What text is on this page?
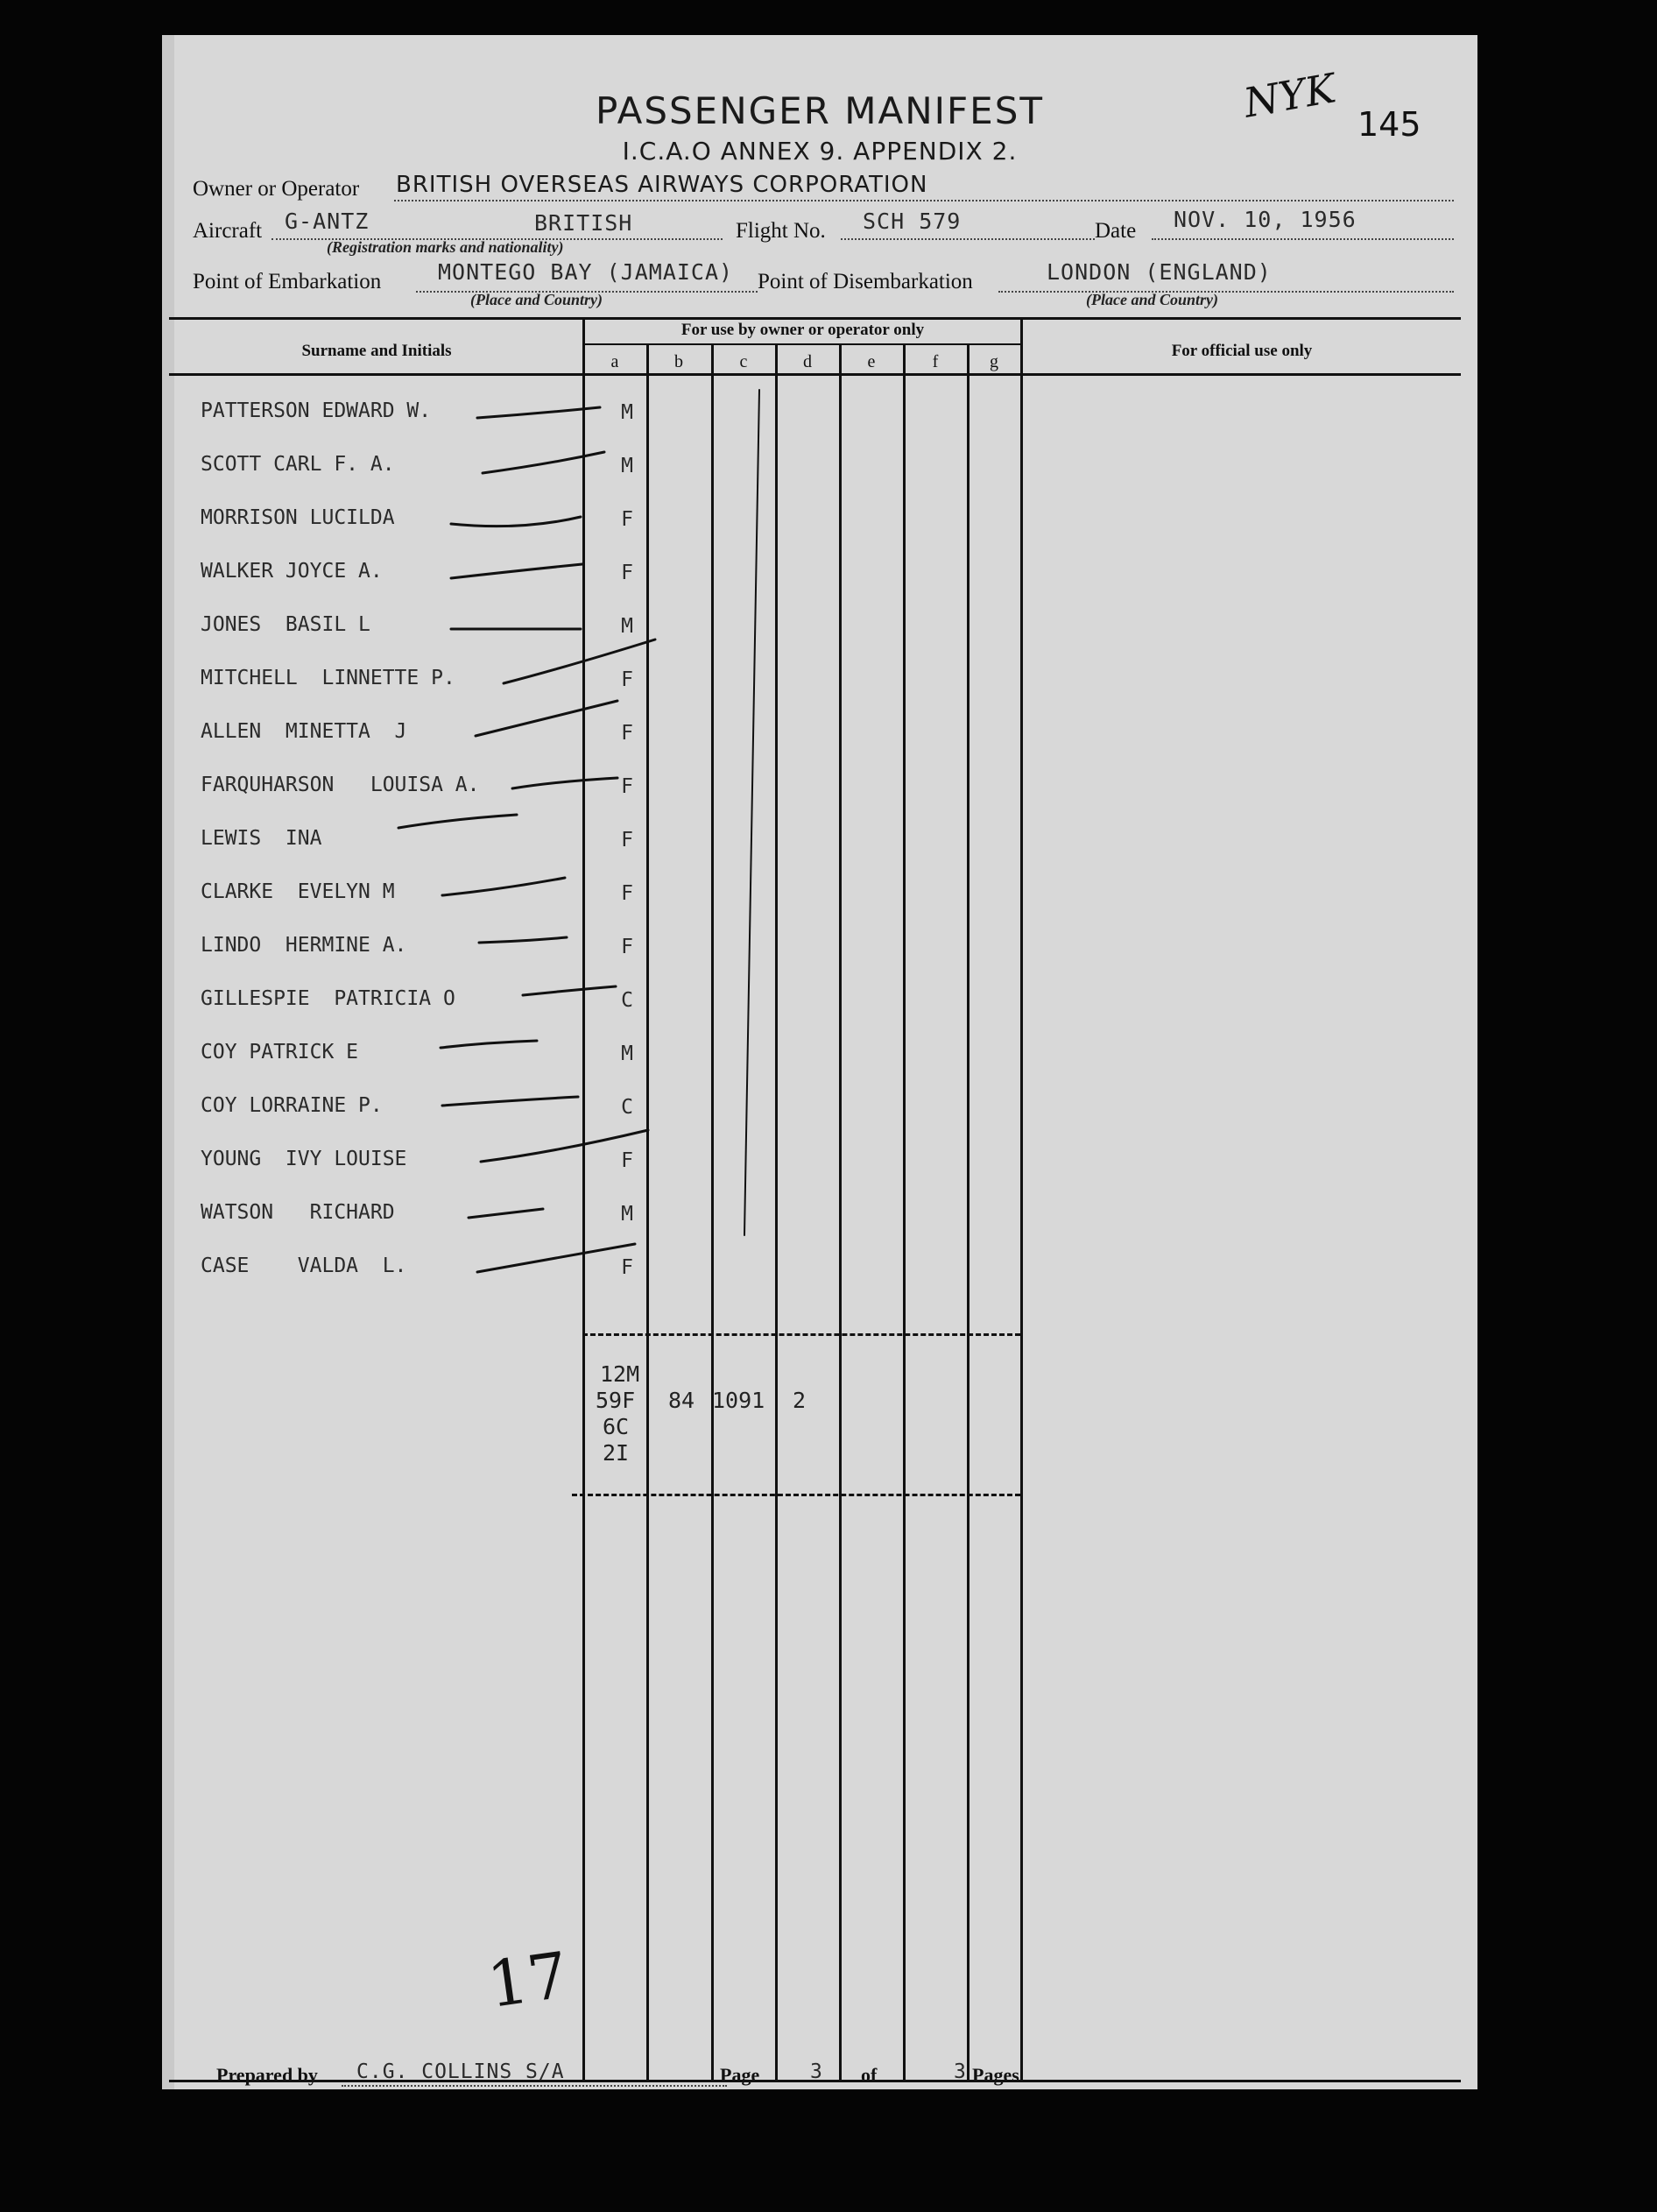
PASSENGER MANIFEST
I.C.A.O ANNEX 9. APPENDIX 2.
NYK 145
Owner or Operator BRITISH OVERSEAS AIRWAYS CORPORATION
Aircraft G-ANTZ	BRITISH
(Registration marks and nationality)
Flight No. SCH 579	Date NOV. 10, 1956
Point of Embarkation	MONTEGO BAY (JAMAICA)
(Place and Country)
Point of Disembarkation	LONDON (ENGLAND)
(Place and Country)
Surname and Initials
For use by owner or operator only
For official use only
a	b	c	d	e	f	g
PATTERSON EDWARD W.	M
SCOTT CARL F. A.	M
MORRISON LUCILDA	F
WALKER JOYCE A.	F
JONES  BASIL L	M
MITCHELL  LINNETTE P.	F
ALLEN  MINETTA  J	F
FARQUHARSON   LOUISA A.	F
LEWIS  INA	F
CLARKE  EVELYN M	F
LINDO  HERMINE A.	F
GILLESPIE  PATRICIA O	C
COY PATRICK E	M
COY LORRAINE P.	C
YOUNG  IVY LOUISE	F
WATSON   RICHARD	M
CASE    VALDA  L.	F
12M
59F
6C
2I
84 1091 2
17
Prepared by C.G. COLLINS S/A	Page	3 of	3 Pages
